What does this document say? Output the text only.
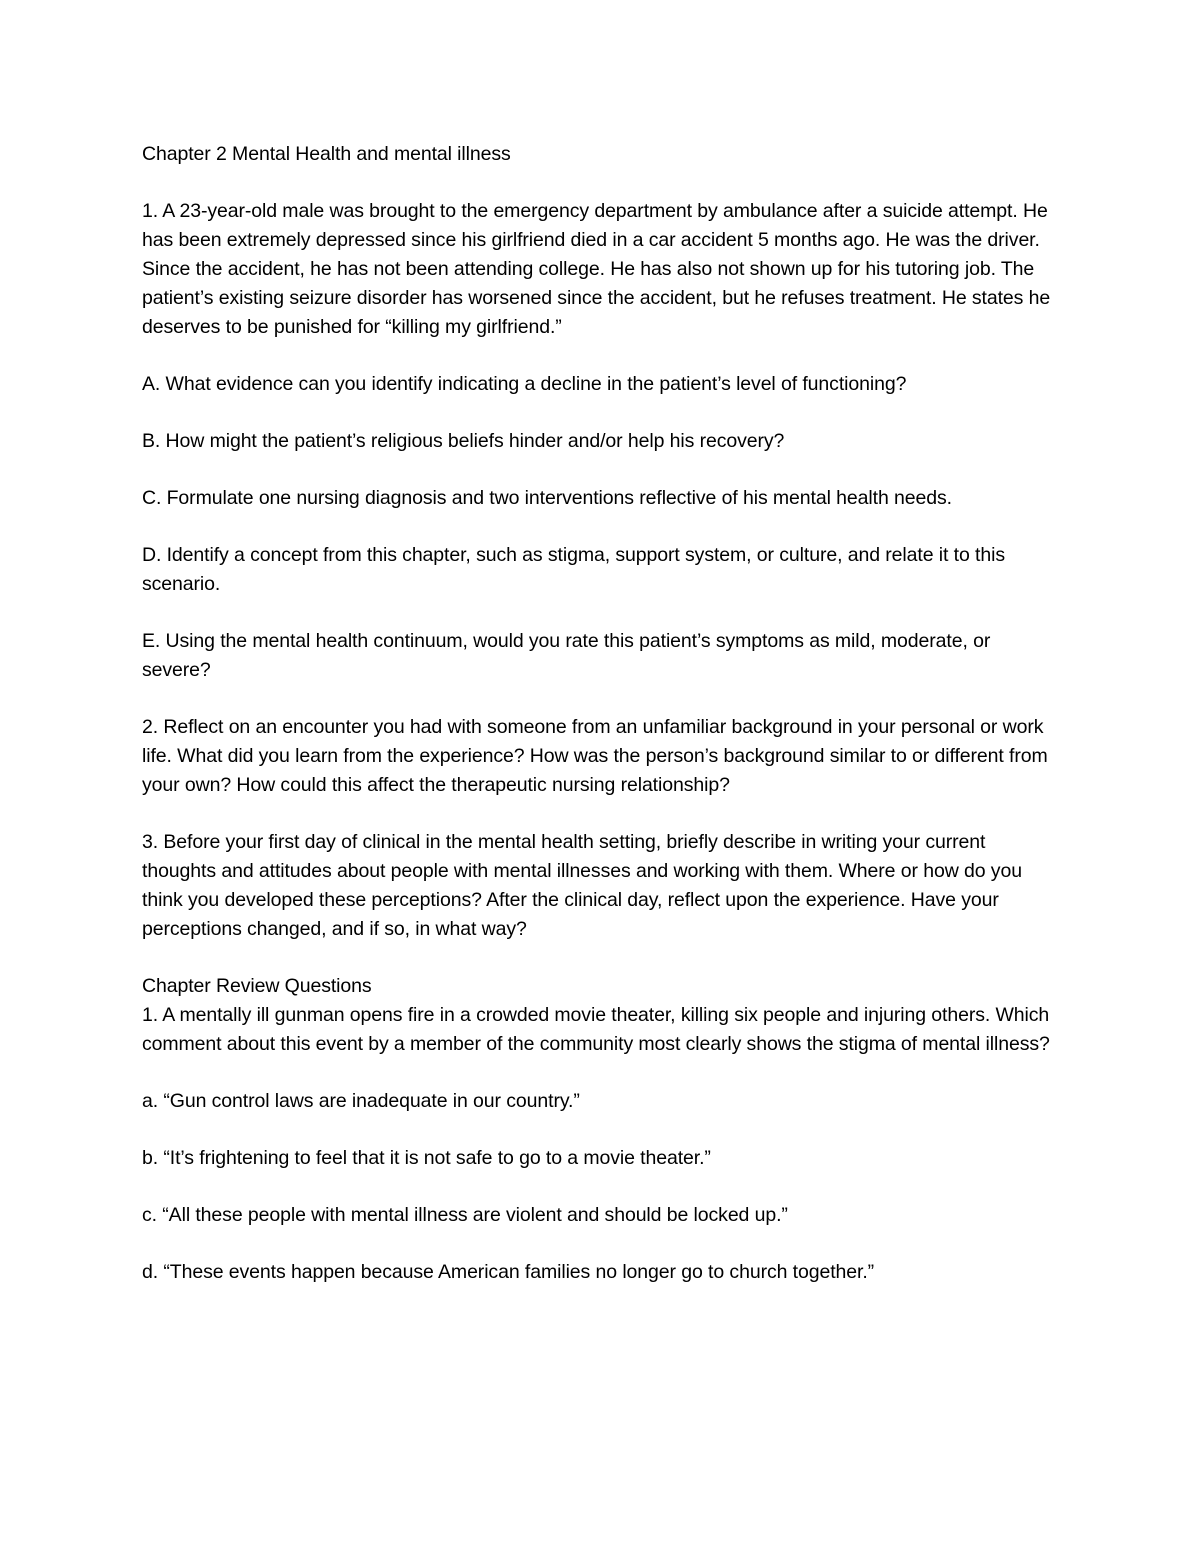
Chapter 2 Mental Health and mental illness

1. A 23-year-old male was brought to the emergency department by ambulance after a suicide attempt. He has been extremely depressed since his girlfriend died in a car accident 5 months ago. He was the driver. Since the accident, he has not been attending college. He has also not shown up for his tutoring job. The patient’s existing seizure disorder has worsened since the accident, but he refuses treatment. He states he deserves to be punished for “killing my girlfriend.”

A. What evidence can you identify indicating a decline in the patient’s level of functioning?

B. How might the patient’s religious beliefs hinder and/or help his recovery?

C. Formulate one nursing diagnosis and two interventions reflective of his mental health needs.

D. Identify a concept from this chapter, such as stigma, support system, or culture, and relate it to this scenario.

E. Using the mental health continuum, would you rate this patient’s symptoms as mild, moderate, or severe?

2. Reflect on an encounter you had with someone from an unfamiliar background in your personal or work life. What did you learn from the experience? How was the person’s background similar to or different from your own? How could this affect the therapeutic nursing relationship?

3. Before your first day of clinical in the mental health setting, briefly describe in writing your current thoughts and attitudes about people with mental illnesses and working with them. Where or how do you think you developed these perceptions? After the clinical day, reflect upon the experience. Have your perceptions changed, and if so, in what way?

Chapter Review Questions

1. A mentally ill gunman opens fire in a crowded movie theater, killing six people and injuring others. Which comment about this event by a member of the community most clearly shows the stigma of mental illness?

a. “Gun control laws are inadequate in our country.”

b. “It’s frightening to feel that it is not safe to go to a movie theater.”

c. “All these people with mental illness are violent and should be locked up.”

d. “These events happen because American families no longer go to church together.”
